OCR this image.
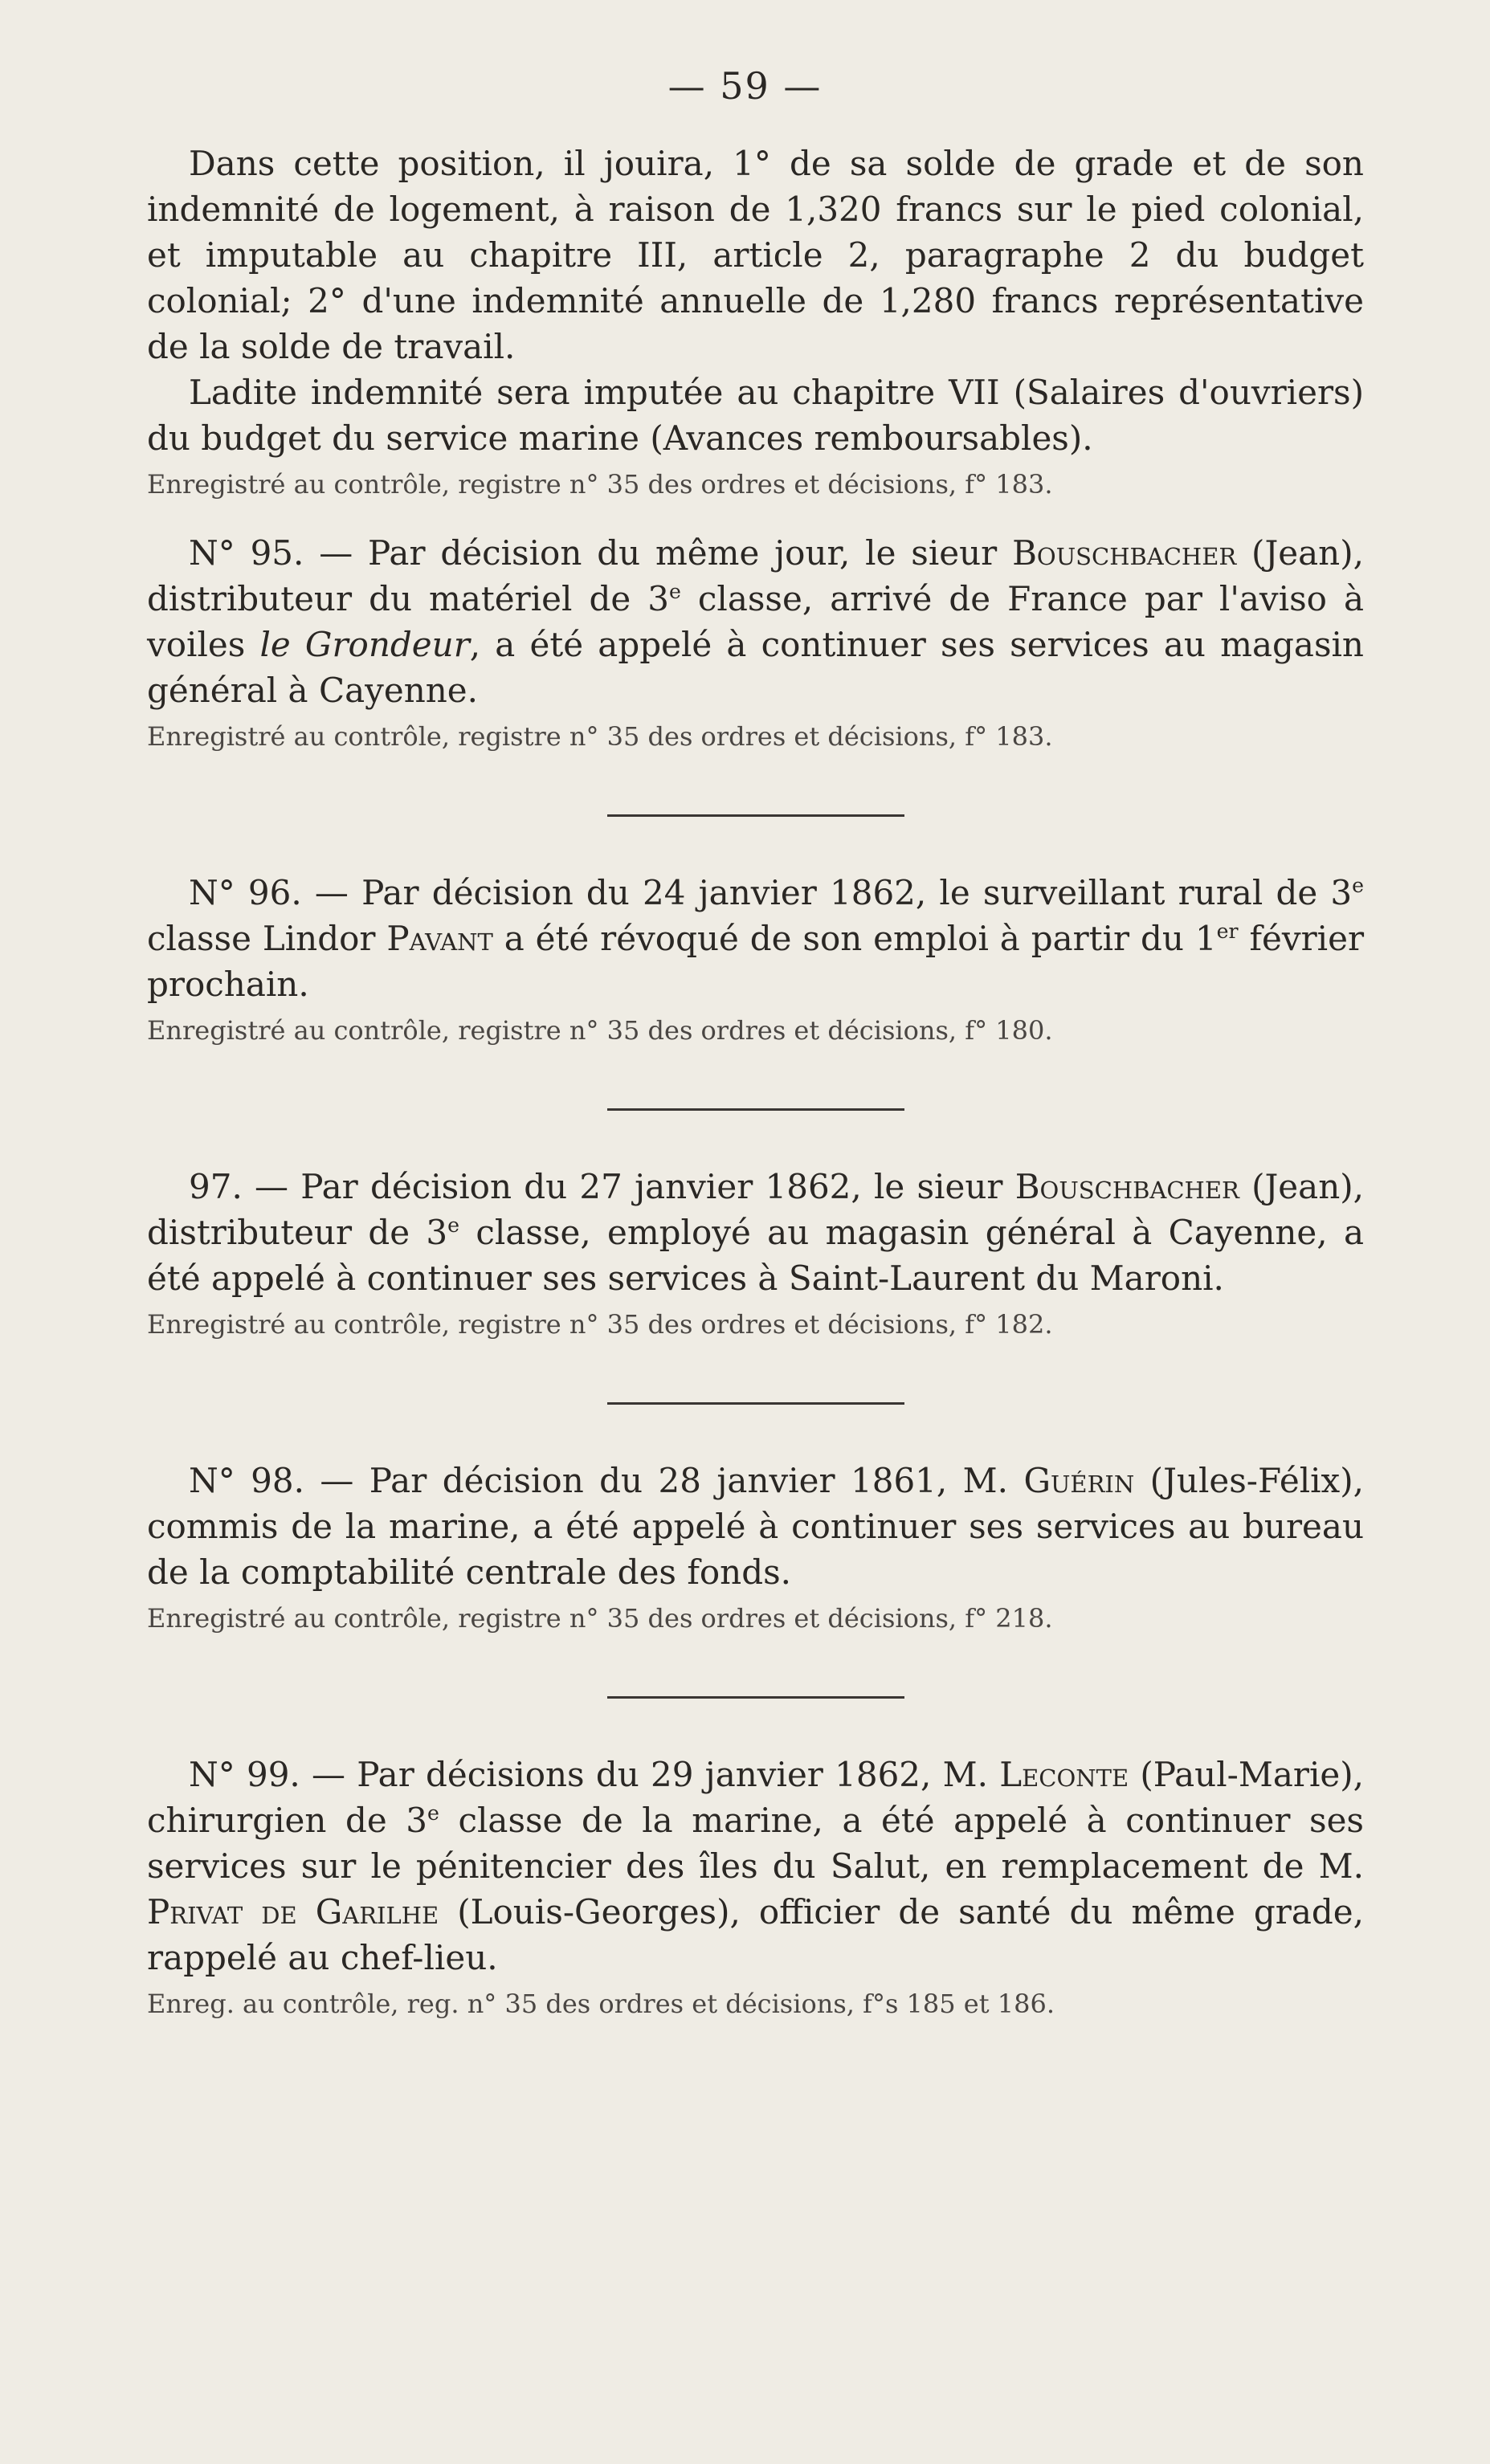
— 59 —

Dans cette position, il jouira, 1° de sa solde de grade et de son indemnité de logement, à raison de 1,320 francs sur le pied colonial, et imputable au chapitre III, article 2, paragraphe 2 du budget colonial; 2° d'une indemnité annuelle de 1,280 francs représentative de la solde de travail.

Ladite indemnité sera imputée au chapitre VII (Salaires d'ouvriers) du budget du service marine (Avances remboursables).

Enregistré au contrôle, registre n° 35 des ordres et décisions, f° 183.

N° 95. — Par décision du même jour, le sieur Bouschbacher (Jean), distributeur du matériel de 3e classe, arrivé de France par l'aviso à voiles le Grondeur, a été appelé à continuer ses services au magasin général à Cayenne.

Enregistré au contrôle, registre n° 35 des ordres et décisions, f° 183.

N° 96. — Par décision du 24 janvier 1862, le surveillant rural de 3e classe Lindor Pavant a été révoqué de son emploi à partir du 1er février prochain.

Enregistré au contrôle, registre n° 35 des ordres et décisions, f° 180.

97. — Par décision du 27 janvier 1862, le sieur Bouschbacher (Jean), distributeur de 3e classe, employé au magasin général à Cayenne, a été appelé à continuer ses services à Saint-Laurent du Maroni.

Enregistré au contrôle, registre n° 35 des ordres et décisions, f° 182.

N° 98. — Par décision du 28 janvier 1861, M. Guérin (Jules-Félix), commis de la marine, a été appelé à continuer ses services au bureau de la comptabilité centrale des fonds.

Enregistré au contrôle, registre n° 35 des ordres et décisions, f° 218.

N° 99. — Par décisions du 29 janvier 1862, M. Leconte (Paul-Marie), chirurgien de 3e classe de la marine, a été appelé à continuer ses services sur le pénitencier des îles du Salut, en remplacement de M. Privat de Garilhe (Louis-Georges), officier de santé du même grade, rappelé au chef-lieu.

Enreg. au contrôle, reg. n° 35 des ordres et décisions, f°s 185 et 186.
